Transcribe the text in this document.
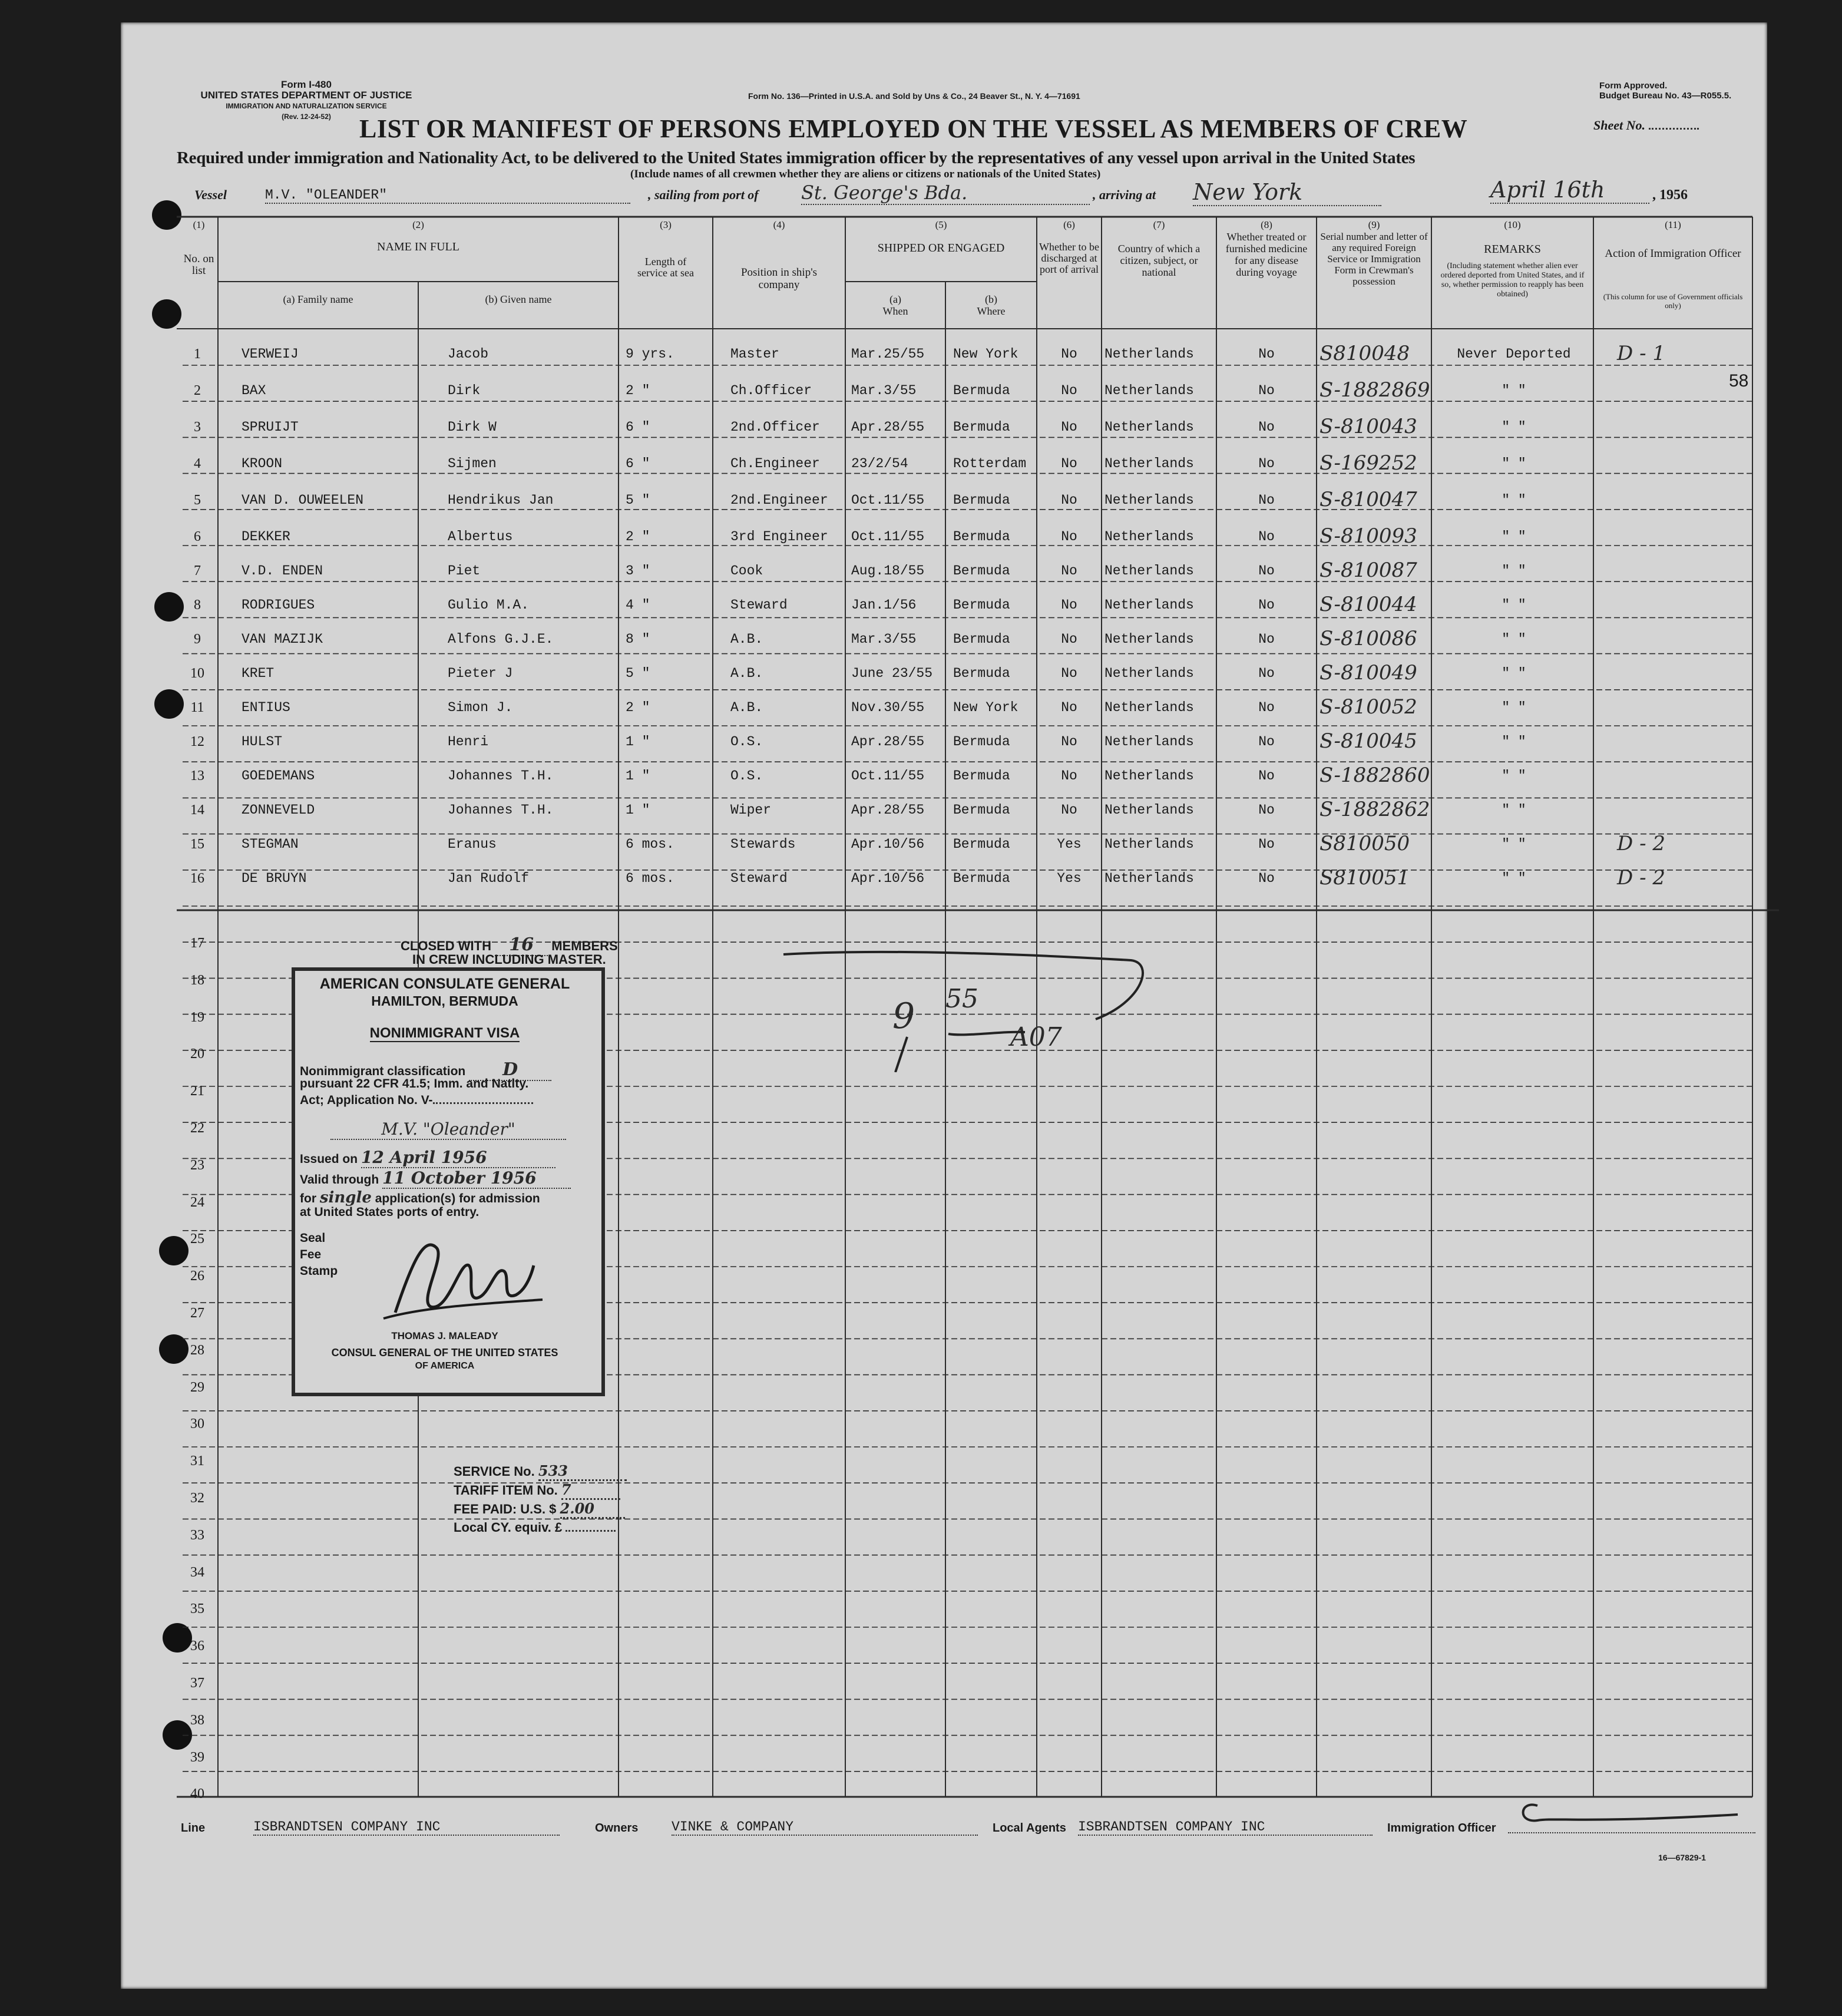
Form I-480
UNITED STATES DEPARTMENT OF JUSTICE
IMMIGRATION AND NATURALIZATION SERVICE
(Rev. 12-24-52)
Form No. 136—Printed in U.S.A. and Sold by Uns & Co., 24 Beaver St., N. Y. 4—71691
Form Approved.
Budget Bureau No. 43—R055.5.
LIST OR MANIFEST OF PERSONS EMPLOYED ON THE VESSEL AS MEMBERS OF CREW	Sheet No.
Required under immigration and Nationality Act, to be delivered to the United States immigration officer by the representatives of any vessel upon arrival in the United States
(Include names of all crewmen whether they are aliens or citizens or nationals of the United States)
Vessel	M.V. "OLEANDER"	, sailing from port of St. George's Bda.	, arriving at New York	April 16th	, 1956
(1)
No. on list
(2)
NAME IN FULL
(a) Family name	(b) Given name
(3)
Length of service at sea
(4)
Position in ship's company
(5)
SHIPPED OR ENGAGED
(a) When
(b) Where
(6)
Whether to be discharged at port of arrival
(7)
Country of which a citizen, subject, or national
(8)
Whether treated or furnished medicine for any disease during voyage
(9)
Serial number and letter of any required Foreign Service or Immigration Form in Crewman's possession
(10)
REMARKS
(Including statement whether alien ever ordered deported from United States, and if so, whether permission to reapply has been obtained)
(11)
Action of Immigration Officer
(This column for use of Government officials only)
1	VERWEIJ	Jacob	9 yrs.	Master	Mar.25/55	New York	No	Netherlands	No	S810048	Never Deported	D - 1
2	BAX	Dirk	2 "	Ch.Officer	Mar.3/55	Bermuda	No	Netherlands	No	S-1882869	" "
3	SPRUIJT	Dirk W	6 "	2nd.Officer	Apr.28/55	Bermuda	No	Netherlands	No	S-810043	" "
4	KROON	Sijmen	6 "	Ch.Engineer	23/2/54	Rotterdam	No	Netherlands	No	S-169252	" "
5	VAN D. OUWEELEN	Hendrikus Jan	5 "	2nd.Engineer	Oct.11/55	Bermuda	No	Netherlands	No	S-810047	" "
6	DEKKER	Albertus	2 "	3rd Engineer	Oct.11/55	Bermuda	No	Netherlands	No	S-810093	" "
7	V.D. ENDEN	Piet	3 "	Cook	Aug.18/55	Bermuda	No	Netherlands	No	S-810087	" "
8	RODRIGUES	Gulio M.A.	4 "	Steward	Jan.1/56	Bermuda	No	Netherlands	No	S-810044	" "
9	VAN MAZIJK	Alfons G.J.E.	8 "	A.B.	Mar.3/55	Bermuda	No	Netherlands	No	S-810086	" "
10	KRET	Pieter J	5 "	A.B.	June 23/55	Bermuda	No	Netherlands	No	S-810049	" "
11	ENTIUS	Simon J.	2 "	A.B.	Nov.30/55	New York	No	Netherlands	No	S-810052	" "
12	HULST	Henri	1 "	O.S.	Apr.28/55	Bermuda	No	Netherlands	No	S-810045	" "
13	GOEDEMANS	Johannes T.H.	1 "	O.S.	Oct.11/55	Bermuda	No	Netherlands	No	S-1882860	" "
14	ZONNEVELD	Johannes T.H.	1 "	Wiper	Apr.28/55	Bermuda	No	Netherlands	No	S-1882862	" "
15	STEGMAN	Eranus	6 mos.	Stewards	Apr.10/56	Bermuda	Yes	Netherlands	No	S810050	" "	D - 2
16	DE BRUYN	Jan Rudolf	6 mos.	Steward	Apr.10/56	Bermuda	Yes	Netherlands	No	S810051	" "	D - 2
17
18
19
20
21
22
23
24
25
26
27
28
29
30
31
32
33
34
35
36
37
38
39
40
58
CLOSED WITH 16 MEMBERS
IN CREW INCLUDING MASTER.
AMERICAN CONSULATE GENERAL
HAMILTON, BERMUDA
NONIMMIGRANT VISA
Nonimmigrant classification D
pursuant 22 CFR 41.5; Imm. and Natlty.
Act; Application No. V-
M.V. "Oleander"
Issued on 12 April 1956
Valid through 11 October 1956
for single application(s) for admission
at United States ports of entry.
Seal
Fee
Stamp
THOMAS J. MALEADY
CONSUL GENERAL OF THE UNITED STATES
OF AMERICA
SERVICE No. 533
TARIFF ITEM No. 7
FEE PAID: U.S. $ 2.00
Local CY. equiv. £
9 55
A07
Line	ISBRANDTSEN COMPANY INC	Owners VINKE & COMPANY	Local Agents ISBRANDTSEN COMPANY INC	Immigration Officer
16—67829-1
